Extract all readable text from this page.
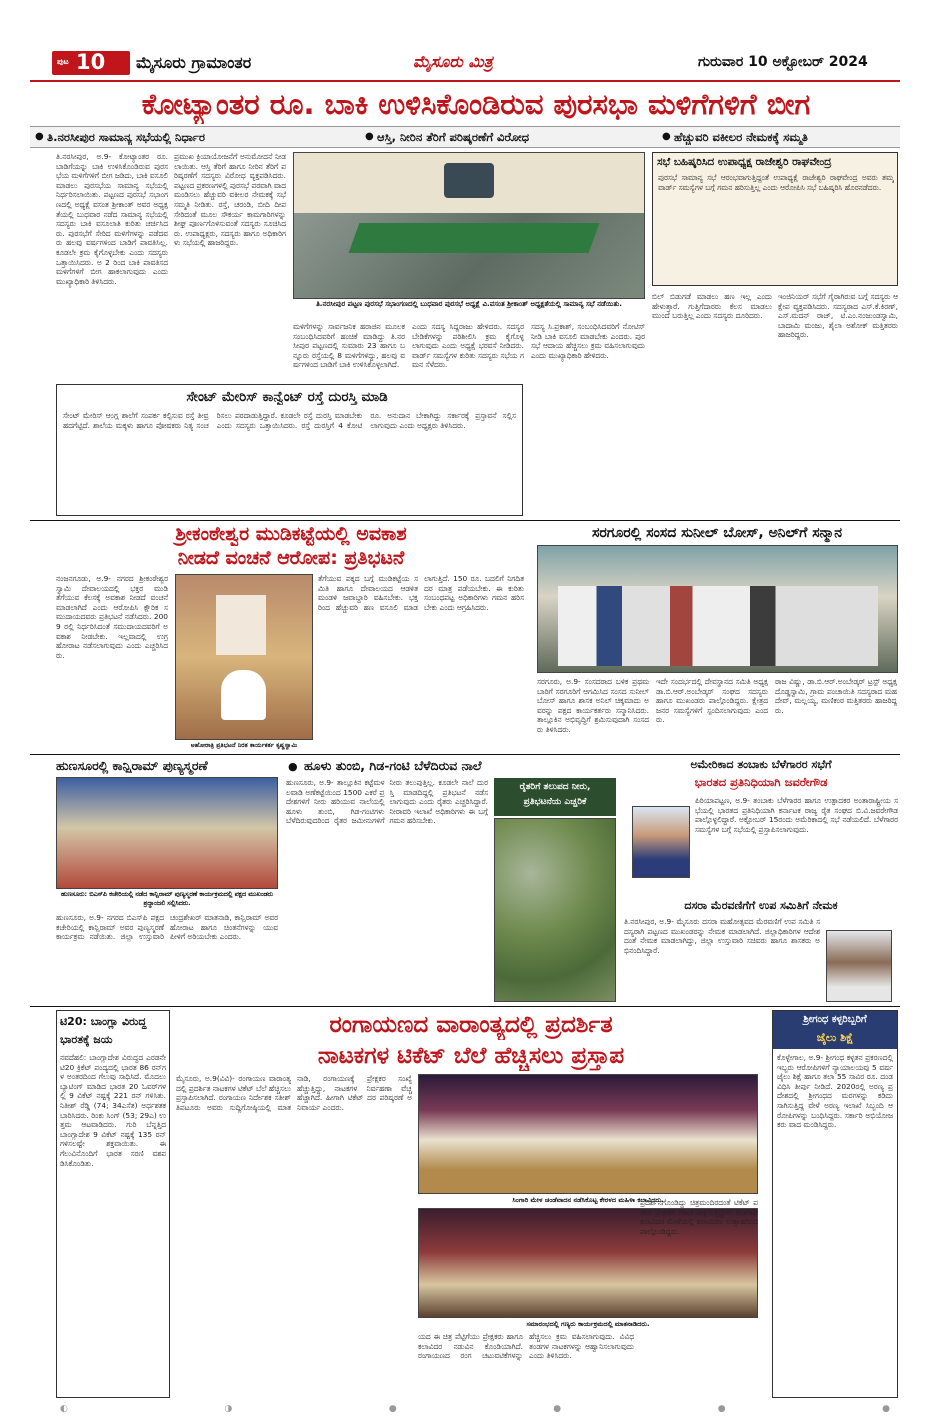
ಪುಟ 10 ಮೈಸೂರು ಗ್ರಾಮಾಂತರ	ಮೈಸೂರು ಮಿತ್ರ	ಗುರುವಾರ 10 ಅಕ್ಟೋಬರ್ 2024
ಕೋಟ್ಯಾಂತರ ರೂ. ಬಾಕಿ ಉಳಿಸಿಕೊಂಡಿರುವ ಪುರಸಭಾ ಮಳಿಗೆಗಳಿಗೆ ಬೀಗ
● ತಿ.ನರಸೀಪುರ ಸಾಮಾನ್ಯ ಸಭೆಯಲ್ಲಿ ನಿರ್ಧಾರ	● ಆಸ್ತಿ, ನೀರಿನ ತೆರಿಗೆ ಪರಿಷ್ಕರಣೆಗೆ ವಿರೋಧ	● ಹೆಚ್ಚುವರಿ ವಕೀಲರ ನೇಮಕಕ್ಕೆ ಸಮ್ಮತಿ
ತಿ.ನರಸೀಪುರ, ಅ.9- ಕೋಟ್ಯಾಂತರ ರೂ. ಬಾಡಿಗೆಯನ್ನು ಬಾಕಿ ಉಳಿಸಿಕೊಂಡಿರುವ ಪುರಸಭೆಯ ಮಳಿಗೆಗಳಿಗೆ ಬೀಗ ಜಡಿದು, ಬಾಕಿ ವಸೂಲಿ ಮಾಡಲು ಪುರಸಭೆಯ ಸಾಮಾನ್ಯ ಸಭೆಯಲ್ಲಿ ನಿರ್ಧರಿಸಲಾಯಿತು. ಪಟ್ಟಣದ ಪುರಸಭೆ ಸಭಾಂಗಣದಲ್ಲಿ ಅಧ್ಯಕ್ಷೆ ವಸಂತ ಶ್ರೀಕಾಂತ್ ಅವರ ಅಧ್ಯಕ್ಷತೆಯಲ್ಲಿ ಬುಧವಾರ ನಡೆದ ಸಾಮಾನ್ಯ ಸಭೆಯಲ್ಲಿ ಸದಸ್ಯರು ಬಾಕಿ ವಸೂಲಾತಿ ಕುರಿತು ಚರ್ಚಿಸಿದರು. ಪುರಸಭೆಗೆ ಸೇರಿದ ಮಳಿಗೆಗಳನ್ನು ಪಡೆದವರು ಹಲವು ವರ್ಷಗಳಿಂದ ಬಾಡಿಗೆ ಪಾವತಿಸಿಲ್ಲ. ಕೂಡಲೇ ಕ್ರಮ ಕೈಗೊಳ್ಳಬೇಕು ಎಂದು ಸದಸ್ಯರು ಒತ್ತಾಯಿಸಿದರು. ಅ 2 ರಿಂದ ಬಾಕಿ ಪಾವತಿಸದ ಮಳಿಗೆಗಳಿಗೆ ಬೀಗ ಹಾಕಲಾಗುವುದು ಎಂದು ಮುಖ್ಯಾಧಿಕಾರಿ ತಿಳಿಸಿದರು.
ಪ್ರಮುಖ ಕ್ರಿಯಾಯೋಜನೆಗೆ ಅನುಮೋದನೆ ನೀಡಲಾಯಿತು. ಆಸ್ತಿ ತೆರಿಗೆ ಹಾಗೂ ನೀರಿನ ತೆರಿಗೆ ಪರಿಷ್ಕರಣೆಗೆ ಸದಸ್ಯರು ವಿರೋಧ ವ್ಯಕ್ತಪಡಿಸಿದರು. ಪಟ್ಟಣದ ಪ್ರಕರಣಗಳಲ್ಲಿ ಪುರಸಭೆ ಪರವಾಗಿ ವಾದ ಮಂಡಿಸಲು ಹೆಚ್ಚುವರಿ ವಕೀಲರ ನೇಮಕಕ್ಕೆ ಸಭೆ ಸಮ್ಮತಿ ನೀಡಿತು. ರಸ್ತೆ, ಚರಂಡಿ, ಬೀದಿ ದೀಪ ಸೇರಿದಂತೆ ಮೂಲ ಸೌಕರ್ಯ ಕಾಮಗಾರಿಗಳನ್ನು ಶೀಘ್ರ ಪೂರ್ಣಗೊಳಿಸುವಂತೆ ಸದಸ್ಯರು ಸೂಚಿಸಿದರು. ಉಪಾಧ್ಯಕ್ಷರು, ಸದಸ್ಯರು ಹಾಗೂ ಅಧಿಕಾರಿಗಳು ಸಭೆಯಲ್ಲಿ ಹಾಜರಿದ್ದರು.
ತಿ.ನರಸೀಪುರ ಪಟ್ಟಣ ಪುರಸಭೆ ಸಭಾಂಗಣದಲ್ಲಿ ಬುಧವಾರ ಪುರಸಭೆ ಅಧ್ಯಕ್ಷೆ ವಿ.ವಸಂತ ಶ್ರೀಕಾಂತ್ ಅಧ್ಯಕ್ಷತೆಯಲ್ಲಿ ಸಾಮಾನ್ಯ ಸಭೆ ನಡೆಯಿತು.
ಮಳಿಗೆಗಳನ್ನು ಸಾರ್ವಜನಿಕ ಹರಾಜಿನ ಮೂಲಕ ಸಂಬಂಧಿಸಿದವರಿಗೆ ಹಂಚಿಕೆ ಮಾಡಿದ್ದು ತಿ.ನರಸೀಪುರ ಪಟ್ಟಣದಲ್ಲಿ ಸುಮಾರು 23 ಹಾಗೂ ಬನ್ನೂರು ರಸ್ತೆಯಲ್ಲಿ 8 ಮಳಿಗೆಗಳಿದ್ದು, ಹಲವು ವರ್ಷಗಳಿಂದ ಬಾಡಿಗೆ ಬಾಕಿ ಉಳಿಸಿಕೊಳ್ಳಲಾಗಿದೆ.
ಎಂದು ಸದಸ್ಯ ಸಿದ್ದರಾಜು ಹೇಳಿದರು. ಸದಸ್ಯರ ಬೇಡಿಕೆಗಳನ್ನು ಪರಿಶೀಲಿಸಿ ಕ್ರಮ ಕೈಗೊಳ್ಳಲಾಗುವುದು ಎಂದು ಅಧ್ಯಕ್ಷೆ ಭರವಸೆ ನೀಡಿದರು. ವಾರ್ಡ್ ಸಮಸ್ಯೆಗಳ ಕುರಿತು ಸದಸ್ಯರು ಸಭೆಯ ಗಮನ ಸೆಳೆದರು.
ಸದಸ್ಯ ಸಿ.ಪ್ರಕಾಶ್, ಸಂಬಂಧಿಸಿದವರಿಗೆ ನೋಟಿಸ್ ನೀಡಿ ಬಾಕಿ ವಸೂಲಿ ಮಾಡಬೇಕು ಎಂದರು. ಪುರಸಭೆ ಆದಾಯ ಹೆಚ್ಚಿಸಲು ಕ್ರಮ ವಹಿಸಲಾಗುವುದು ಎಂದು ಮುಖ್ಯಾಧಿಕಾರಿ ಹೇಳಿದರು.
ಸೇಂಟ್ ಮೇರಿಸ್ ಕಾನ್ವೆಂಟ್ ರಸ್ತೆ ದುರಸ್ತಿ ಮಾಡಿ
ಸೇಂಟ್ ಮೇರಿಸ್ ಆಂಗ್ಲ ಶಾಲೆಗೆ ಸಂಪರ್ಕ ಕಲ್ಪಿಸುವ ರಸ್ತೆ ತೀವ್ರ ಹದಗೆಟ್ಟಿದೆ. ಶಾಲೆಯ ಮಕ್ಕಳು ಹಾಗೂ ಪೋಷಕರು ನಿತ್ಯ ಸಂಚರಿಸಲು ಪರದಾಡುತ್ತಿದ್ದಾರೆ. ಕೂಡಲೇ ರಸ್ತೆ ದುರಸ್ತಿ ಮಾಡಬೇಕು ಎಂದು ಸದಸ್ಯರು ಒತ್ತಾಯಿಸಿದರು. ರಸ್ತೆ ದುರಸ್ತಿಗೆ 4 ಕೋಟಿ ರೂ. ಅನುದಾನ ಬೇಕಾಗಿದ್ದು ಸರ್ಕಾರಕ್ಕೆ ಪ್ರಸ್ತಾವನೆ ಸಲ್ಲಿಸಲಾಗುವುದು ಎಂದು ಅಧ್ಯಕ್ಷರು ತಿಳಿಸಿದರು.
ಸಭೆ ಬಹಿಷ್ಕರಿಸಿದ ಉಪಾಧ್ಯಕ್ಷ ರಾಜೇಶ್ವರಿ ರಾಘವೇಂದ್ರ
ಪುರಸಭೆ ಸಾಮಾನ್ಯ ಸಭೆ ಆರಂಭವಾಗುತ್ತಿದ್ದಂತೆ ಉಪಾಧ್ಯಕ್ಷೆ ರಾಜೇಶ್ವರಿ ರಾಘವೇಂದ್ರ ಅವರು ತಮ್ಮ ವಾರ್ಡ್ ಸಮಸ್ಯೆಗಳ ಬಗ್ಗೆ ಗಮನ ಹರಿಸುತ್ತಿಲ್ಲ ಎಂದು ಆರೋಪಿಸಿ ಸಭೆ ಬಹಿಷ್ಕರಿಸಿ ಹೊರನಡೆದರು.
ಬಿಲ್ ಬಿಡುಗಡೆ ಮಾಡಲು ಹಣ ಇಲ್ಲ ಎಂದು ಹೇಳುತ್ತಾರೆ. ಗುತ್ತಿಗೆದಾರರು ಕೆಲಸ ಮಾಡಲು ಮುಂದೆ ಬರುತ್ತಿಲ್ಲ ಎಂದು ಸದಸ್ಯರು ದೂರಿದರು.
ಇಂಜಿನಿಯರ್ ಸಭೆಗೆ ಗೈರಾಗಿರುವ ಬಗ್ಗೆ ಸದಸ್ಯರು ಆಕ್ಷೇಪ ವ್ಯಕ್ತಪಡಿಸಿದರು. ಸದಸ್ಯರಾದ ಎಸ್.ಕೆ.ಕಿರಣ್, ಎಸ್.ಮದನ್ ರಾಜ್, ಟಿ.ಎಂ.ನಂಜುಂಡಸ್ವಾಮಿ, ಬಾದಾಮಿ ಮಂಜು, ಶೈಲಾ ಅಶೋಕ್ ಮತ್ತಿತರರು ಹಾಜರಿದ್ದರು.
ಶ್ರೀಕಂಠೇಶ್ವರ ಮುಡಿಕಟ್ಟೆಯಲ್ಲಿ ಅವಕಾಶ
ನೀಡದೆ ವಂಚನೆ ಆರೋಪ: ಪ್ರತಿಭಟನೆ
ನಂಜನಗೂಡು, ಅ.9- ನಗರದ ಶ್ರೀಕಂಠೇಶ್ವರ ಸ್ವಾಮಿ ದೇವಾಲಯದಲ್ಲಿ ಭಕ್ತರ ಮುಡಿ ತೆಗೆಯುವ ಕೆಲಸಕ್ಕೆ ಅವಕಾಶ ನೀಡದೆ ವಂಚನೆ ಮಾಡಲಾಗಿದೆ ಎಂದು ಆರೋಪಿಸಿ ಕ್ಷೌರಿಕ ಸಮುದಾಯದವರು ಪ್ರತಿಭಟನೆ ನಡೆಸಿದರು. 2009 ರಲ್ಲಿ ನಿರ್ಧರಿಸಿದಂತೆ ಸಮುದಾಯದವರಿಗೆ ಅವಕಾಶ ನೀಡಬೇಕು. ಇಲ್ಲವಾದಲ್ಲಿ ಉಗ್ರ ಹೋರಾಟ ನಡೆಸಲಾಗುವುದು ಎಂದು ಎಚ್ಚರಿಸಿದರು.
ಅಹೋರಾತ್ರಿ ಪ್ರತಿಭಟನೆ ನಿರತ ಕಾರ್ಯಕರ್ತ ಕೃಷ್ಣಸ್ವಾಮಿ
ತೆಗೆಯುವ ಪಕ್ಕದ ಬಗ್ಗೆ ಮುಡಿಕಟ್ಟೆಯ ಸಮಿತಿ ಹಾಗೂ ದೇವಾಲಯದ ಆಡಳಿತ ಮಂಡಳಿ ಜವಾಬ್ದಾರಿ ವಹಿಸಬೇಕು. ಭಕ್ತರಿಂದ ಹೆಚ್ಚುವರಿ ಹಣ ವಸೂಲಿ ಮಾಡಲಾಗುತ್ತಿದೆ. 150 ರೂ. ಬದಲಿಗೆ ನಿಗದಿತ ದರ ಮಾತ್ರ ಪಡೆಯಬೇಕು. ಈ ಕುರಿತು ಸಂಬಂಧಪಟ್ಟ ಅಧಿಕಾರಿಗಳು ಗಮನ ಹರಿಸಬೇಕು ಎಂದು ಆಗ್ರಹಿಸಿದರು.
ಸರಗೂರಲ್ಲಿ ಸಂಸದ ಸುನೀಲ್ ಬೋಸ್, ಅನಿಲ್‌ಗೆ ಸನ್ಮಾನ
ಸರಗೂರು, ಅ.9- ಸಂಸದರಾದ ಬಳಿಕ ಪ್ರಥಮ ಬಾರಿಗೆ ಸರಗೂರಿಗೆ ಆಗಮಿಸಿದ ಸಂಸದ ಸುನೀಲ್ ಬೋಸ್ ಹಾಗೂ ಶಾಸಕ ಅನಿಲ್ ಚಿಕ್ಕಮಾದು ಅವರನ್ನು ಪಕ್ಷದ ಕಾರ್ಯಕರ್ತರು ಸನ್ಮಾನಿಸಿದರು. ತಾಲ್ಲೂಕಿನ ಅಭಿವೃದ್ಧಿಗೆ ಶ್ರಮಿಸುವುದಾಗಿ ಸಂಸದರು ತಿಳಿಸಿದರು.
ಇದೇ ಸಂದರ್ಭದಲ್ಲಿ ದೇವಸ್ಥಾನದ ಸಮಿತಿ ಅಧ್ಯಕ್ಷ ಡಾ.ಬಿ.ಆರ್.ಅಂಬೇಡ್ಕರ್ ಸಂಘದ ಸದಸ್ಯರು ಹಾಗೂ ಮುಖಂಡರು ಪಾಲ್ಗೊಂಡಿದ್ದರು. ಕ್ಷೇತ್ರದ ಜನರ ಸಮಸ್ಯೆಗಳಿಗೆ ಸ್ಪಂದಿಸಲಾಗುವುದು ಎಂದರು.
ರಾಜ ವಿಷ್ಣು, ಡಾ.ಬಿ.ಆರ್.ಅಂಬೇಡ್ಕರ್ ಟ್ರಸ್ಟ್ ಅಧ್ಯಕ್ಷ ದೊಡ್ಡಸ್ವಾಮಿ, ಗ್ರಾಮ ಪಂಚಾಯಿತಿ ಸದಸ್ಯರಾದ ಮಹದೇವ್, ಮಲ್ಲಯ್ಯ, ಮಣಿಕಂಠ ಮತ್ತಿತರರು ಹಾಜರಿದ್ದರು.
ಹುಣಸೂರಲ್ಲಿ ಕಾನ್ಷಿರಾಮ್ ಪುಣ್ಯಸ್ಮರಣೆ
ಹುಣಸೂರು: ಬಿಎಸ್‌ಪಿ ಕಚೇರಿಯಲ್ಲಿ ನಡೆದ ಕಾನ್ಷಿರಾಮ್ ಪುಣ್ಯಸ್ಮರಣೆ ಕಾರ್ಯಕ್ರಮದಲ್ಲಿ ಪಕ್ಷದ ಮುಖಂಡರು ಶ್ರದ್ಧಾಂಜಲಿ ಸಲ್ಲಿಸಿದರು.
ಹುಣಸೂರು, ಅ.9- ನಗರದ ಬಿಎಸ್‌ಪಿ ಪಕ್ಷದ ಕಚೇರಿಯಲ್ಲಿ ಕಾನ್ಷಿರಾಮ್ ಅವರ ಪುಣ್ಯಸ್ಮರಣೆ ಕಾರ್ಯಕ್ರಮ ನಡೆಯಿತು. ಜಿಲ್ಲಾ ಉಸ್ತುವಾರಿ ಚಂದ್ರಶೇಖರ್ ಮಾತನಾಡಿ, ಕಾನ್ಷಿರಾಮ್ ಅವರ ಹೋರಾಟ ಹಾಗೂ ಚಿಂತನೆಗಳನ್ನು ಯುವ ಪೀಳಿಗೆ ಅರಿಯಬೇಕು ಎಂದರು.
ಹೂಳು ತುಂಬಿ, ಗಿಡ-ಗಂಟಿ ಬೆಳೆದಿರುವ ನಾಲೆ
●
ಹುಣಸೂರು, ಅ.9- ತಾಲ್ಲೂಕಿನ ಕಟ್ಟೆಮಳಲವಾಡಿ ಅಣೆಕಟ್ಟೆಯಿಂದ 1500 ಎಕರೆ ಪ್ರದೇಶಗಳಿಗೆ ನೀರು ಹರಿಯುವ ನಾಲೆಯಲ್ಲಿ ಹೂಳು ತುಂಬಿ, ಗಿಡ-ಗಂಟಿಗಳು ಬೆಳೆದಿರುವುದರಿಂದ ರೈತರ ಜಮೀನುಗಳಿಗೆ ನೀರು ತಲುಪುತ್ತಿಲ್ಲ. ಕೂಡಲೇ ನಾಲೆ ದುರಸ್ತಿ ಮಾಡದಿದ್ದಲ್ಲಿ ಪ್ರತಿಭಟನೆ ನಡೆಸಲಾಗುವುದು ಎಂದು ರೈತರು ಎಚ್ಚರಿಸಿದ್ದಾರೆ. ನೀರಾವರಿ ಇಲಾಖೆ ಅಧಿಕಾರಿಗಳು ಈ ಬಗ್ಗೆ ಗಮನ ಹರಿಸಬೇಕು.
ರೈತರಿಗೆ ತಲುಪದ ನೀರು,
ಪ್ರತಿಭಟನೆಯ ಎಚ್ಚರಿಕೆ
ಅಮೇರಿಕಾದ ತಂಬಾಕು ಬೆಳೆಗಾರರ ಸಭೆಗೆ
ಭಾರತದ ಪ್ರತಿನಿಧಿಯಾಗಿ ಜವರೇಗೌಡ
ಪಿರಿಯಾಪಟ್ಟಣ, ಅ.9- ತಂಬಾಕು ಬೆಳೆಗಾರರ ಹಾಗೂ ಉತ್ಪಾದಕರ ಅಂತಾರಾಷ್ಟ್ರೀಯ ಸಭೆಯಲ್ಲಿ ಭಾರತದ ಪ್ರತಿನಿಧಿಯಾಗಿ ಕರ್ನಾಟಕ ರಾಜ್ಯ ರೈತ ಸಂಘದ ಬಿ.ವಿ.ಜವರೇಗೌಡ ಪಾಲ್ಗೊಳ್ಳಲಿದ್ದಾರೆ. ಅಕ್ಟೋಬರ್ 15ರಂದು ಅಮೆರಿಕಾದಲ್ಲಿ ಸಭೆ ನಡೆಯಲಿದೆ. ಬೆಳೆಗಾರರ ಸಮಸ್ಯೆಗಳ ಬಗ್ಗೆ ಸಭೆಯಲ್ಲಿ ಪ್ರಸ್ತಾಪಿಸಲಾಗುವುದು.
ದಸರಾ ಮೆರವಣಿಗೆಗೆ ಉಪ ಸಮಿತಿಗೆ ನೇಮಕ
ತಿ.ನರಸೀಪುರ, ಅ.9- ಮೈಸೂರು ದಸರಾ ಮಹೋತ್ಸವದ ಮೆರವಣಿಗೆ ಉಪ ಸಮಿತಿ ಸದಸ್ಯರಾಗಿ ಪಟ್ಟಣದ ಮುಖಂಡರನ್ನು ನೇಮಕ ಮಾಡಲಾಗಿದೆ. ಜಿಲ್ಲಾಧಿಕಾರಿಗಳ ಆದೇಶದಂತೆ ನೇಮಕ ಮಾಡಲಾಗಿದ್ದು, ಜಿಲ್ಲಾ ಉಸ್ತುವಾರಿ ಸಚಿವರು ಹಾಗೂ ಶಾಸಕರು ಅಭಿನಂದಿಸಿದ್ದಾರೆ.
ಟಿ20: ಬಾಂಗ್ಲಾ ವಿರುದ್ಧ
ಭಾರತಕ್ಕೆ ಜಯ
ನವದೆಹಲಿ: ಬಾಂಗ್ಲಾದೇಶ ವಿರುದ್ಧದ ಎರಡನೇ ಟಿ20 ಕ್ರಿಕೆಟ್ ಪಂದ್ಯದಲ್ಲಿ ಭಾರತ 86 ರನ್‌ಗಳ ಅಂತರದಿಂದ ಗೆಲುವು ಸಾಧಿಸಿದೆ. ಮೊದಲು ಬ್ಯಾಟಿಂಗ್ ಮಾಡಿದ ಭಾರತ 20 ಓವರ್‌ಗಳಲ್ಲಿ 9 ವಿಕೆಟ್ ನಷ್ಟಕ್ಕೆ 221 ರನ್ ಗಳಿಸಿತು. ನಿತೀಶ್ ರೆಡ್ಡಿ (74; 34ಎಸೆತ) ಅರ್ಧಶತಕ ಬಾರಿಸಿದರು. ರಿಂಕು ಸಿಂಗ್ (53; 29ಎ) ಉತ್ತಮ ಆಟವಾಡಿದರು. ಗುರಿ ಬೆನ್ನತ್ತಿದ ಬಾಂಗ್ಲಾದೇಶ 9 ವಿಕೆಟ್ ನಷ್ಟಕ್ಕೆ 135 ರನ್ ಗಳಿಸಲಷ್ಟೇ ಶಕ್ತವಾಯಿತು. ಈ ಗೆಲುವಿನೊಂದಿಗೆ ಭಾರತ ಸರಣಿ ವಶಪಡಿಸಿಕೊಂಡಿತು.
ರಂಗಾಯಣದ ವಾರಾಂತ್ಯದಲ್ಲಿ ಪ್ರದರ್ಶಿತ
ನಾಟಕಗಳ ಟಿಕೆಟ್ ಬೆಲೆ ಹೆಚ್ಚಿಸಲು ಪ್ರಸ್ತಾಪ
ಮೈಸೂರು, ಅ.9(ವಿವಿ)- ರಂಗಾಯಣ ವಾರಾಂತ್ಯದಲ್ಲಿ ಪ್ರದರ್ಶಿತ ನಾಟಕಗಳ ಟಿಕೆಟ್ ಬೆಲೆ ಹೆಚ್ಚಿಸಲು ಪ್ರಸ್ತಾಪಿಸಲಾಗಿದೆ. ರಂಗಾಯಣ ನಿರ್ದೇಶಕ ಸತೀಶ್ ತಿಪಟೂರು ಅವರು ಸುದ್ದಿಗೋಷ್ಠಿಯಲ್ಲಿ ಮಾತನಾಡಿ, ರಂಗಾಯಣಕ್ಕೆ ಪ್ರೇಕ್ಷಕರ ಸಂಖ್ಯೆ ಹೆಚ್ಚುತ್ತಿದ್ದು, ನಾಟಕಗಳ ನಿರ್ವಹಣಾ ವೆಚ್ಚ ಹೆಚ್ಚಾಗಿದೆ. ಹೀಗಾಗಿ ಟಿಕೆಟ್ ದರ ಪರಿಷ್ಕರಣೆ ಅನಿವಾರ್ಯ ಎಂದರು.
ಸಿಂಗಾರಿ ಮೇಳ ಚಂಡೆವಾದನ ನಡೆಸಿಕೊಟ್ಟ ಕೇರಳದ ಮಹಿಳಾ ಕಲಾವಿದರು.
ಸಮಾರಂಭದಲ್ಲಿ ಗಣ್ಯರು ಕಾರ್ಯಕ್ರಮದಲ್ಲಿ ಮಾತನಾಡಿದರು.
ಯದ ಈ ಚಿತ್ರ ಪೆಟ್ಟಿಗೆಯು ಪ್ರೇಕ್ಷಕರು ಹಾಗೂ ಕಲಾವಿದರ ನಡುವಿನ ಕೊಂಡಿಯಾಗಿದೆ. ರಂಗಾಯಣದ ರಂಗ ಚಟುವಟಿಕೆಗಳನ್ನು ಹೆಚ್ಚಿಸಲು ಕ್ರಮ ವಹಿಸಲಾಗುವುದು. ವಿವಿಧ ತಂಡಗಳ ನಾಟಕಗಳನ್ನು ಆಹ್ವಾನಿಸಲಾಗುವುದು ಎಂದು ತಿಳಿಸಿದರು.
ಪ್ರದರ್ಶನಗೊಂಡಿದ್ದು ಚಿತ್ರಮಂದಿರದಂತೆ ಟಿಕೆಟ್ ಪಡೆದು ಪ್ರೇಕ್ಷಕರು ನಾಟಕ ವೀಕ್ಷಿಸುತ್ತಿದ್ದಾರೆ. ಕರ್ನಾಟಕ ಕಲಾವಿದರ ಮೇಳೆಯಲ್ಲಿ ಕಲಾವಿದರು ಉತ್ಸಾಹದಿಂದ ಪಾಲ್ಗೊಂಡಿದ್ದರು.
ಶ್ರೀಗಂಧ ಕಳ್ಳರಿಬ್ಬರಿಗೆ
ಜೈಲು ಶಿಕ್ಷೆ
ಕೊಳ್ಳೇಗಾಲ, ಅ.9- ಶ್ರೀಗಂಧ ಕಳ್ಳತನ ಪ್ರಕರಣದಲ್ಲಿ ಇಬ್ಬರು ಆರೋಪಿಗಳಿಗೆ ನ್ಯಾಯಾಲಯವು 5 ವರ್ಷ ಜೈಲು ಶಿಕ್ಷೆ ಹಾಗೂ ತಲಾ 55 ಸಾವಿರ ರೂ. ದಂಡ ವಿಧಿಸಿ ತೀರ್ಪು ನೀಡಿದೆ. 2020ರಲ್ಲಿ ಅರಣ್ಯ ಪ್ರದೇಶದಲ್ಲಿ ಶ್ರೀಗಂಧದ ಮರಗಳನ್ನು ಕಡಿದು ಸಾಗಿಸುತ್ತಿದ್ದ ವೇಳೆ ಅರಣ್ಯ ಇಲಾಖೆ ಸಿಬ್ಬಂದಿ ಆರೋಪಿಗಳನ್ನು ಬಂಧಿಸಿದ್ದರು. ಸರ್ಕಾರಿ ಅಭಿಯೋಜಕರು ವಾದ ಮಂಡಿಸಿದ್ದರು.
◐	◑	●	●	●	●
